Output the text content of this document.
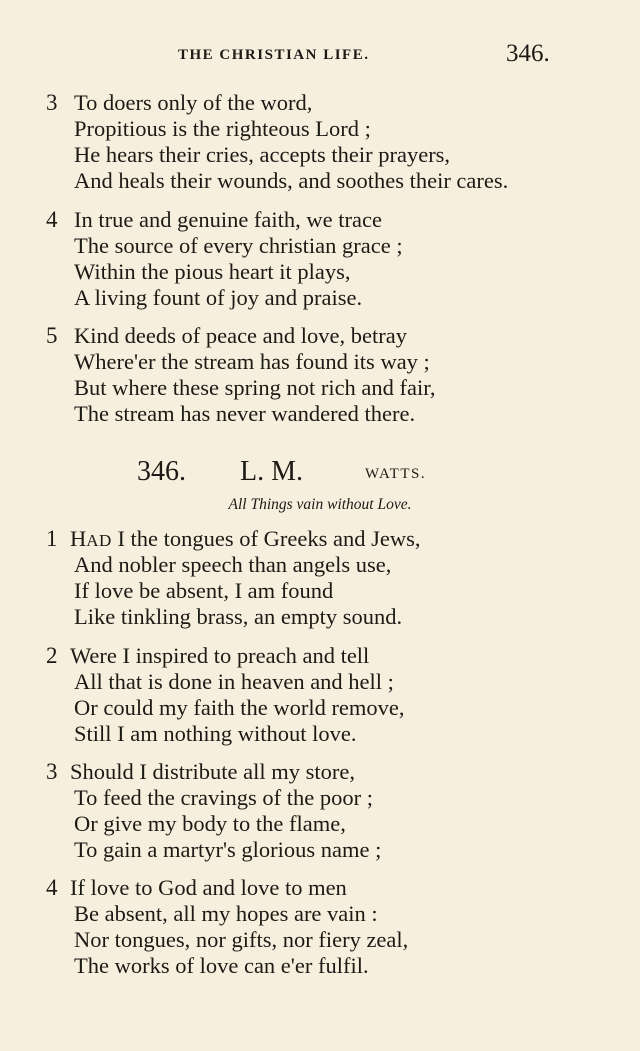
THE CHRISTIAN LIFE.	346.
3 To doers only of the word,
Propitious is the righteous Lord ;
He hears their cries, accepts their prayers,
And heals their wounds, and soothes their cares.
4 In true and genuine faith, we trace
The source of every christian grace ;
Within the pious heart it plays,
A living fount of joy and praise.
5 Kind deeds of peace and love, betray
Where'er the stream has found its way ;
But where these spring not rich and fair,
The stream has never wandered there.
346. L. M.	WATTS.
All Things vain without Love.
1 HAD I the tongues of Greeks and Jews,
And nobler speech than angels use,
If love be absent, I am found
Like tinkling brass, an empty sound.
2 Were I inspired to preach and tell
All that is done in heaven and hell ;
Or could my faith the world remove,
Still I am nothing without love.
3 Should I distribute all my store,
To feed the cravings of the poor ;
Or give my body to the flame,
To gain a martyr's glorious name ;
4 If love to God and love to men
Be absent, all my hopes are vain :
Nor tongues, nor gifts, nor fiery zeal,
The works of love can e'er fulfil.
